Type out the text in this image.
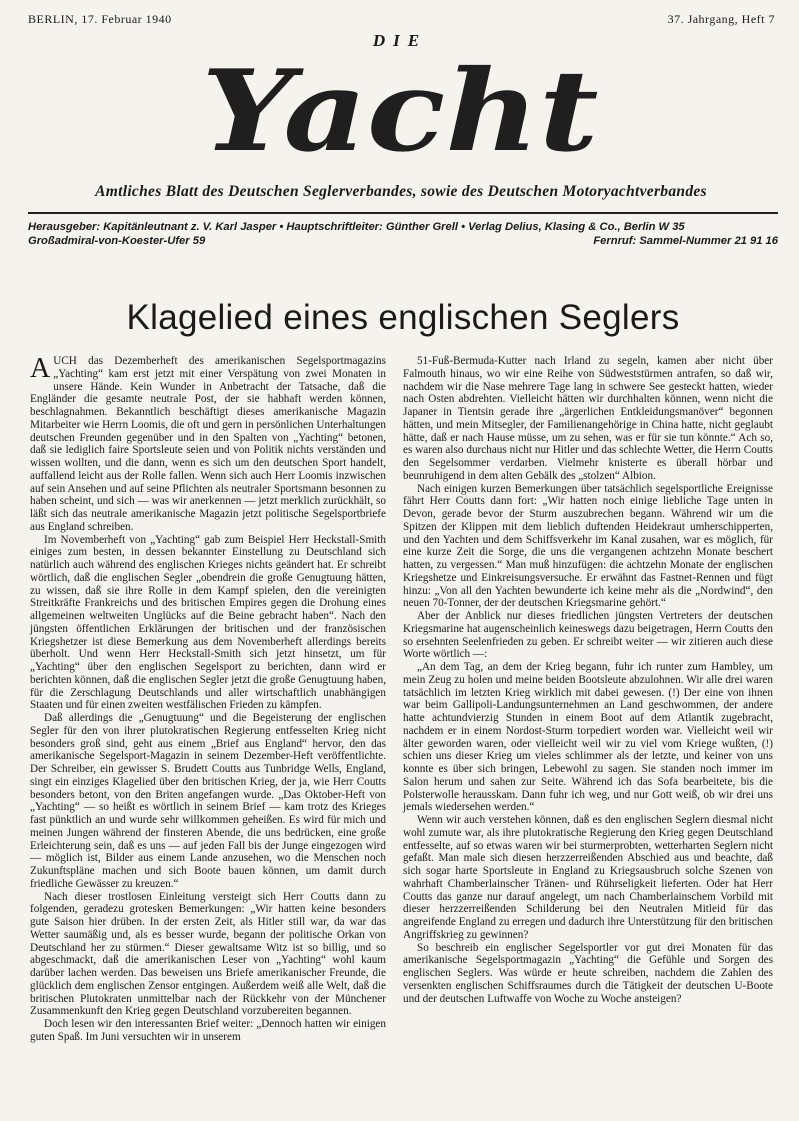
BERLIN, 17. Februar 1940	37. Jahrgang, Heft 7
DIE
Yacht
Amtliches Blatt des Deutschen Seglerverbandes, sowie des Deutschen Motoryachtverbandes
Herausgeber: Kapitänleutnant z. V. Karl Jasper • Hauptschriftleiter: Günther Grell • Verlag Delius, Klasing & Co., Berlin W 35
Großadmiral-von-Koester-Ufer 59	Fernruf: Sammel-Nummer 21 91 16
Klagelied eines englischen Seglers

AUCH das Dezemberheft des amerikanischen Segelsportmagazins „Yachting“ kam erst jetzt mit einer Verspätung von zwei Monaten in unsere Hände. Kein Wunder in Anbetracht der Tatsache, daß die Engländer die gesamte neutrale Post, der sie habhaft werden können, beschlagnahmen. Bekanntlich beschäftigt dieses amerikanische Magazin Mitarbeiter wie Herrn Loomis, die oft und gern in persönlichen Unterhaltungen deutschen Freunden gegenüber und in den Spalten von „Yachting“ betonen, daß sie lediglich faire Sportsleute seien und von Politik nichts verständen und wissen wollten, und die dann, wenn es sich um den deutschen Sport handelt, auffallend leicht aus der Rolle fallen. Wenn sich auch Herr Loomis inzwischen auf sein Ansehen und auf seine Pflichten als neutraler Sportsmann besonnen zu haben scheint, und sich — was wir anerkennen — jetzt merklich zurückhält, so läßt sich das neutrale amerikanische Magazin jetzt politische Segelsportbriefe aus England schreiben.

Im Novemberheft von „Yachting“ gab zum Beispiel Herr Heckstall-Smith einiges zum besten, in dessen bekannter Einstellung zu Deutschland sich natürlich auch während des englischen Krieges nichts geändert hat. Er schreibt wörtlich, daß die englischen Segler „obendrein die große Genugtuung hätten, zu wissen, daß sie ihre Rolle in dem Kampf spielen, den die vereinigten Streitkräfte Frankreichs und des britischen Empires gegen die Drohung eines allgemeinen weltweiten Unglücks auf die Beine gebracht haben“. Nach den jüngsten öffentlichen Erklärungen der britischen und der französischen Kriegshetzer ist diese Bemerkung aus dem Novemberheft allerdings bereits überholt. Und wenn Herr Heckstall-Smith sich jetzt hinsetzt, um für „Yachting“ über den englischen Segelsport zu berichten, dann wird er berichten können, daß die englischen Segler jetzt die große Genugtuung haben, für die Zerschlagung Deutschlands und aller wirtschaftlich unabhängigen Staaten und für einen zweiten westfälischen Frieden zu kämpfen.

Daß allerdings die „Genugtuung“ und die Begeisterung der englischen Segler für den von ihrer plutokratischen Regierung entfesselten Krieg nicht besonders groß sind, geht aus einem „Brief aus England“ hervor, den das amerikanische Segelsport-Magazin in seinem Dezember-Heft veröffentlichte. Der Schreiber, ein gewisser S. Brudett Coutts aus Tunbridge Wells, England, singt ein einziges Klagelied über den britischen Krieg, der ja, wie Herr Coutts besonders betont, von den Briten angefangen wurde. „Das Oktober-Heft von „Yachting“ — so heißt es wörtlich in seinem Brief — kam trotz des Krieges fast pünktlich an und wurde sehr willkommen geheißen. Es wird für mich und meinen Jungen während der finsteren Abende, die uns bedrücken, eine große Erleichterung sein, daß es uns — auf jeden Fall bis der Junge eingezogen wird — möglich ist, Bilder aus einem Lande anzusehen, wo die Menschen noch Zukunftspläne machen und sich Boote bauen können, um damit durch friedliche Gewässer zu kreuzen.“

Nach dieser trostlosen Einleitung versteigt sich Herr Coutts dann zu folgenden, geradezu grotesken Bemerkungen: „Wir hatten keine besonders gute Saison hier drüben. In der ersten Zeit, als Hitler still war, da war das Wetter saumäßig und, als es besser wurde, begann der politische Orkan von Deutschland her zu stürmen.“ Dieser gewaltsame Witz ist so billig, und so abgeschmackt, daß die amerikanischen Leser von „Yachting“ wohl kaum darüber lachen werden. Das beweisen uns Briefe amerikanischer Freunde, die glücklich dem englischen Zensor entgingen. Außerdem weiß alle Welt, daß die britischen Plutokraten unmittelbar nach der Rückkehr von der Münchener Zusammenkunft den Krieg gegen Deutschland vorzubereiten begannen.

Doch lesen wir den interessanten Brief weiter: „Dennoch hatten wir einigen guten Spaß. Im Juni versuchten wir in unserem

51-Fuß-Bermuda-Kutter nach Irland zu segeln, kamen aber nicht über Falmouth hinaus, wo wir eine Reihe von Südweststürmen antrafen, so daß wir, nachdem wir die Nase mehrere Tage lang in schwere See gesteckt hatten, wieder nach Osten abdrehten. Vielleicht hätten wir durchhalten können, wenn nicht die Japaner in Tientsin gerade ihre „ärgerlichen Entkleidungsmanöver“ begonnen hätten, und mein Mitsegler, der Familienangehörige in China hatte, nicht geglaubt hätte, daß er nach Hause müsse, um zu sehen, was er für sie tun könnte.“ Ach so, es waren also durchaus nicht nur Hitler und das schlechte Wetter, die Herrn Coutts den Segelsommer verdarben. Vielmehr knisterte es überall hörbar und beunruhigend in dem alten Gebälk des „stolzen“ Albion.

Nach einigen kurzen Bemerkungen über tatsächlich segelsportliche Ereignisse fährt Herr Coutts dann fort: „Wir hatten noch einige liebliche Tage unten in Devon, gerade bevor der Sturm auszubrechen begann. Während wir um die Spitzen der Klippen mit dem lieblich duftenden Heidekraut umherschipperten, und den Yachten und dem Schiffsverkehr im Kanal zusahen, war es möglich, für eine kurze Zeit die Sorge, die uns die vergangenen achtzehn Monate beschert hatten, zu vergessen.“ Man muß hinzufügen: die achtzehn Monate der englischen Kriegshetze und Einkreisungsversuche. Er erwähnt das Fastnet-Rennen und fügt hinzu: „Von all den Yachten bewunderte ich keine mehr als die „Nordwind“, den neuen 70-Tonner, der der deutschen Kriegsmarine gehört.“

Aber der Anblick nur dieses friedlichen jüngsten Vertreters der deutschen Kriegsmarine hat augenscheinlich keineswegs dazu beigetragen, Herrn Coutts den so ersehnten Seelenfrieden zu geben. Er schreibt weiter — wir zitieren auch diese Worte wörtlich —:

„An dem Tag, an dem der Krieg begann, fuhr ich runter zum Hambley, um mein Zeug zu holen und meine beiden Bootsleute abzulohnen. Wir alle drei waren tatsächlich im letzten Krieg wirklich mit dabei gewesen. (!) Der eine von ihnen war beim Gallipoli-Landungsunternehmen an Land geschwommen, der andere hatte achtundvierzig Stunden in einem Boot auf dem Atlantik zugebracht, nachdem er in einem Nordost-Sturm torpediert worden war. Vielleicht weil wir älter geworden waren, oder vielleicht weil wir zu viel vom Kriege wußten, (!) schien uns dieser Krieg um vieles schlimmer als der letzte, und keiner von uns konnte es über sich bringen, Lebewohl zu sagen. Sie standen noch immer im Salon herum und sahen zur Seite. Während ich das Sofa bearbeitete, bis die Polsterwolle herausskam. Dann fuhr ich weg, und nur Gott weiß, ob wir drei uns jemals wiedersehen werden.“

Wenn wir auch verstehen können, daß es den englischen Seglern diesmal nicht wohl zumute war, als ihre plutokratische Regierung den Krieg gegen Deutschland entfesselte, auf so etwas waren wir bei sturmerprobten, wetterharten Seglern nicht gefaßt. Man male sich diesen herzzerreißenden Abschied aus und beachte, daß sich sogar harte Sportsleute in England zu Kriegsausbruch solche Szenen von wahrhaft Chamberlainscher Tränen- und Rührseligkeit lieferten. Oder hat Herr Coutts das ganze nur darauf angelegt, um nach Chamberlainschem Vorbild mit dieser herzzerreißenden Schilderung bei den Neutralen Mitleid für das angreifende England zu erregen und dadurch ihre Unterstützung für den britischen Angriffskrieg zu gewinnen?

So beschreib ein englischer Segelsportler vor gut drei Monaten für das amerikanische Segelsportmagazin „Yachting“ die Gefühle und Sorgen des englischen Seglers. Was würde er heute schreiben, nachdem die Zahlen des versenkten englischen Schiffsraumes durch die Tätigkeit der deutschen U-Boote und der deutschen Luftwaffe von Woche zu Woche ansteigen?
